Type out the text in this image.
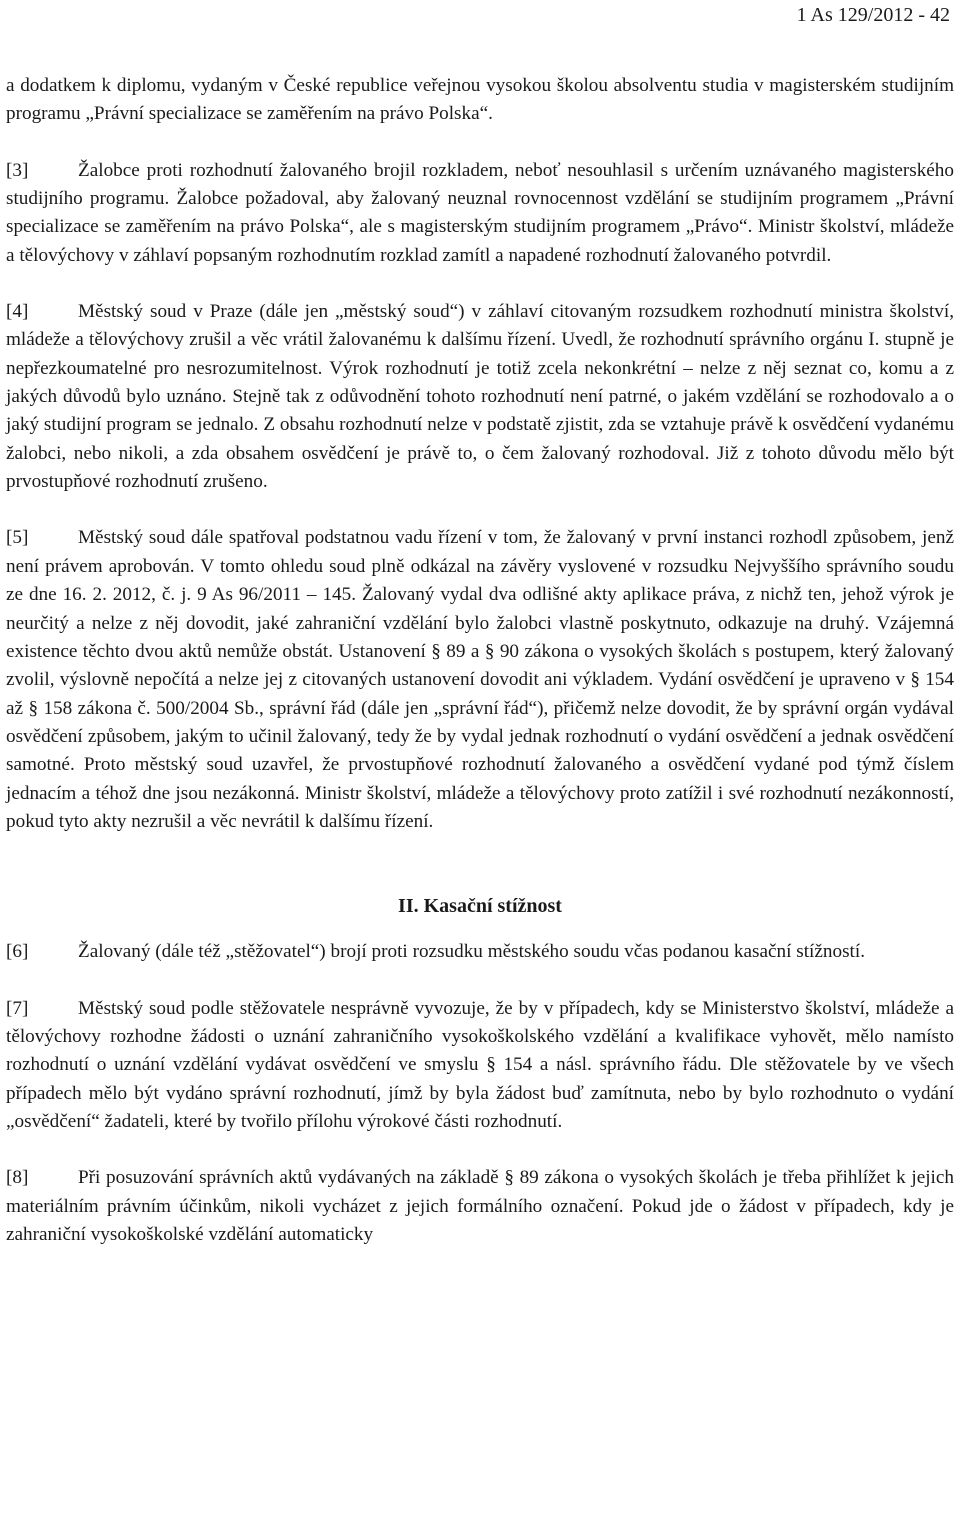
1 As 129/2012 - 42

a dodatkem k diplomu, vydaným v České republice veřejnou vysokou školou absolventu studia v magisterském studijním programu „Právní specializace se zaměřením na právo Polska“.

[3]	Žalobce proti rozhodnutí žalovaného brojil rozkladem, neboť nesouhlasil s určením uznávaného magisterského studijního programu. Žalobce požadoval, aby žalovaný neuznal rovnocennost vzdělání se studijním programem „Právní specializace se zaměřením na právo Polska“, ale s magisterským studijním programem „Právo“. Ministr školství, mládeže a tělovýchovy v záhlaví popsaným rozhodnutím rozklad zamítl a napadené rozhodnutí žalovaného potvrdil.

[4]	Městský soud v Praze (dále jen „městský soud“) v záhlaví citovaným rozsudkem rozhodnutí ministra školství, mládeže a tělovýchovy zrušil a věc vrátil žalovanému k dalšímu řízení. Uvedl, že rozhodnutí správního orgánu I. stupně je nepřezkoumatelné pro nesrozumitelnost. Výrok rozhodnutí je totiž zcela nekonkrétní – nelze z něj seznat co, komu a z jakých důvodů bylo uznáno. Stejně tak z odůvodnění tohoto rozhodnutí není patrné, o jakém vzdělání se rozhodovalo a o jaký studijní program se jednalo. Z obsahu rozhodnutí nelze v podstatě zjistit, zda se vztahuje právě k osvědčení vydanému žalobci, nebo nikoli, a zda obsahem osvědčení je právě to, o čem žalovaný rozhodoval. Již z tohoto důvodu mělo být prvostupňové rozhodnutí zrušeno.

[5]	Městský soud dále spatřoval podstatnou vadu řízení v tom, že žalovaný v první instanci rozhodl způsobem, jenž není právem aprobován. V tomto ohledu soud plně odkázal na závěry vyslovené v rozsudku Nejvyššího správního soudu ze dne 16. 2. 2012, č. j. 9 As 96/2011 – 145. Žalovaný vydal dva odlišné akty aplikace práva, z nichž ten, jehož výrok je neurčitý a nelze z něj dovodit, jaké zahraniční vzdělání bylo žalobci vlastně poskytnuto, odkazuje na druhý. Vzájemná existence těchto dvou aktů nemůže obstát. Ustanovení § 89 a § 90 zákona o vysokých školách s postupem, který žalovaný zvolil, výslovně nepočítá a nelze jej z citovaných ustanovení dovodit ani výkladem. Vydání osvědčení je upraveno v § 154 až § 158 zákona č. 500/2004 Sb., správní řád (dále jen „správní řád“), přičemž nelze dovodit, že by správní orgán vydával osvědčení způsobem, jakým to učinil žalovaný, tedy že by vydal jednak rozhodnutí o vydání osvědčení a jednak osvědčení samotné. Proto městský soud uzavřel, že prvostupňové rozhodnutí žalovaného a osvědčení vydané pod týmž číslem jednacím a téhož dne jsou nezákonná. Ministr školství, mládeže a tělovýchovy proto zatížil i své rozhodnutí nezákonností, pokud tyto akty nezrušil a věc nevrátil k dalšímu řízení.

II. Kasační stížnost

[6]	Žalovaný (dále též „stěžovatel“) brojí proti rozsudku městského soudu včas podanou kasační stížností.

[7]	Městský soud podle stěžovatele nesprávně vyvozuje, že by v případech, kdy se Ministerstvo školství, mládeže a tělovýchovy rozhodne žádosti o uznání zahraničního vysokoškolského vzdělání a kvalifikace vyhovět, mělo namísto rozhodnutí o uznání vzdělání vydávat osvědčení ve smyslu § 154 a násl. správního řádu. Dle stěžovatele by ve všech případech mělo být vydáno správní rozhodnutí, jímž by byla žádost buď zamítnuta, nebo by bylo rozhodnuto o vydání „osvědčení“ žadateli, které by tvořilo přílohu výrokové části rozhodnutí.

[8]	Při posuzování správních aktů vydávaných na základě § 89 zákona o vysokých školách je třeba přihlížet k jejich materiálním právním účinkům, nikoli vycházet z jejich formálního označení. Pokud jde o žádost v případech, kdy je zahraniční vysokoškolské vzdělání automaticky
